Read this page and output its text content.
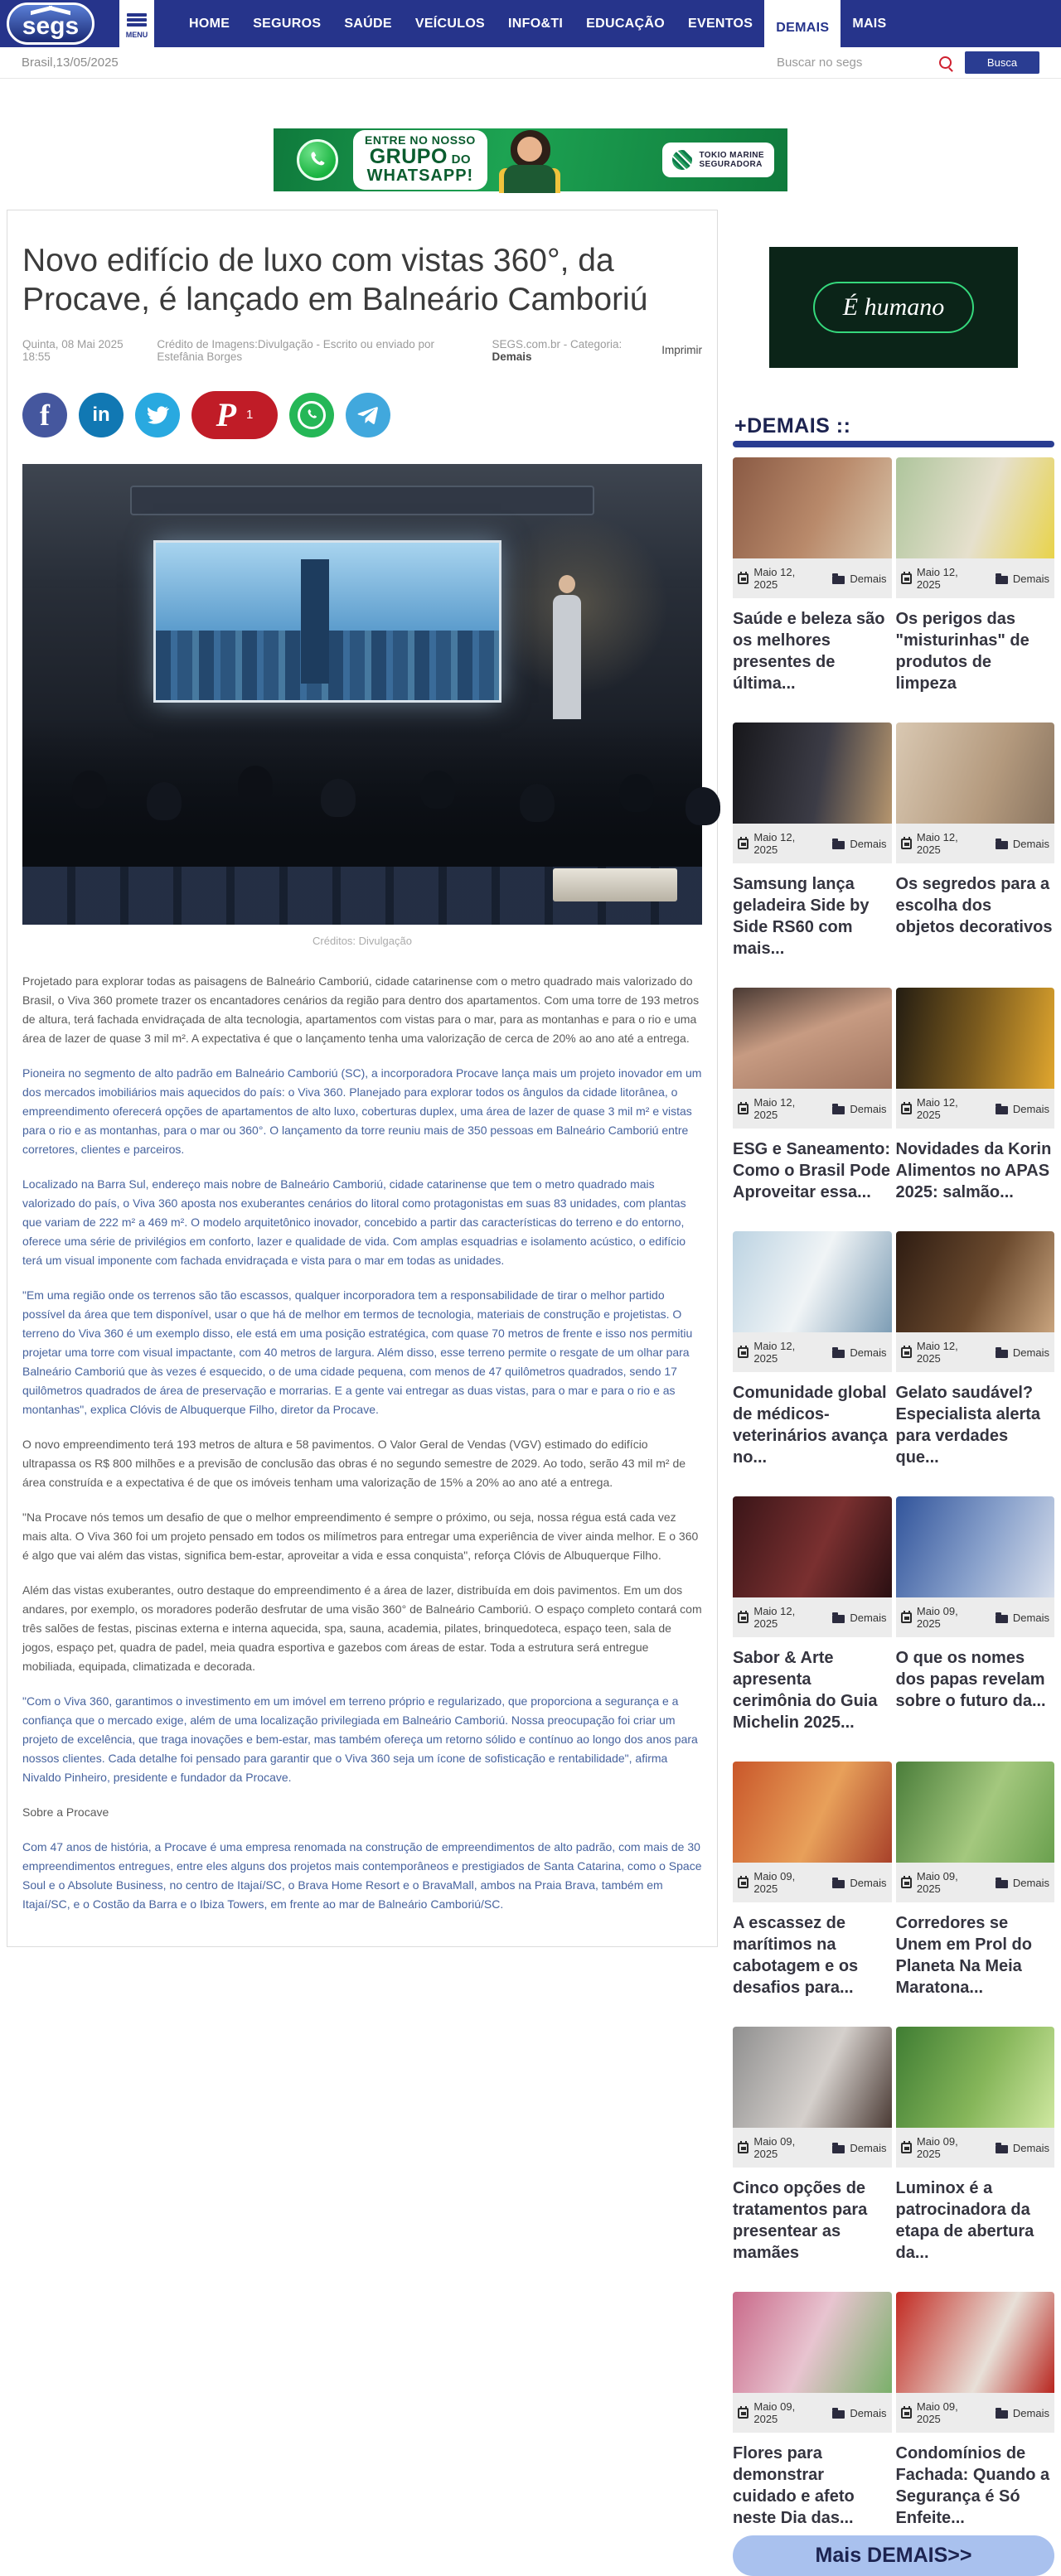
segs	MENU
HOME	SEGUROS	SAÚDE	VEÍCULOS	INFO&TI	EDUCAÇÃO	EVENTOS	DEMAIS	MAIS
Brasil,13/05/2025
Buscar no segs	Busca
ENTRE NO NOSSO
GRUPO DO
WHATSAPP!
TOKIO MARINE
SEGURADORA
Novo edifício de luxo com vistas 360°, da Procave, é lançado em Balneário Camboriú
Quinta, 08 Mai 2025 18:55
Crédito de Imagens:Divulgação - Escrito ou enviado por Estefânia Borges
SEGS.com.br - Categoria: Demais	Imprimir
f	in	P 1
Créditos: Divulgação

Projetado para explorar todas as paisagens de Balneário Camboriú, cidade catarinense com o metro quadrado mais valorizado do Brasil, o Viva 360 promete trazer os encantadores cenários da região para dentro dos apartamentos. Com uma torre de 193 metros de altura, terá fachada envidraçada de alta tecnologia, apartamentos com vistas para o mar, para as montanhas e para o rio e uma área de lazer de quase 3 mil m². A expectativa é que o lançamento tenha uma valorização de cerca de 20% ao ano até a entrega.

Pioneira no segmento de alto padrão em Balneário Camboriú (SC), a incorporadora Procave lança mais um projeto inovador em um dos mercados imobiliários mais aquecidos do país: o Viva 360. Planejado para explorar todos os ângulos da cidade litorânea, o empreendimento oferecerá opções de apartamentos de alto luxo, coberturas duplex, uma área de lazer de quase 3 mil m² e vistas para o rio e as montanhas, para o mar ou 360°. O lançamento da torre reuniu mais de 350 pessoas em Balneário Camboriú entre corretores, clientes e parceiros.

Localizado na Barra Sul, endereço mais nobre de Balneário Camboriú, cidade catarinense que tem o metro quadrado mais valorizado do país, o Viva 360 aposta nos exuberantes cenários do litoral como protagonistas em suas 83 unidades, com plantas que variam de 222 m² a 469 m². O modelo arquitetônico inovador, concebido a partir das características do terreno e do entorno, oferece uma série de privilégios em conforto, lazer e qualidade de vida. Com amplas esquadrias e isolamento acústico, o edifício terá um visual imponente com fachada envidraçada e vista para o mar em todas as unidades.

"Em uma região onde os terrenos são tão escassos, qualquer incorporadora tem a responsabilidade de tirar o melhor partido possível da área que tem disponível, usar o que há de melhor em termos de tecnologia, materiais de construção e projetistas. O terreno do Viva 360 é um exemplo disso, ele está em uma posição estratégica, com quase 70 metros de frente e isso nos permitiu projetar uma torre com visual impactante, com 40 metros de largura. Além disso, esse terreno permite o resgate de um olhar para Balneário Camboriú que às vezes é esquecido, o de uma cidade pequena, com menos de 47 quilômetros quadrados, sendo 17 quilômetros quadrados de área de preservação e morrarias. E a gente vai entregar as duas vistas, para o mar e para o rio e as montanhas", explica Clóvis de Albuquerque Filho, diretor da Procave.

O novo empreendimento terá 193 metros de altura e 58 pavimentos. O Valor Geral de Vendas (VGV) estimado do edifício ultrapassa os R$ 800 milhões e a previsão de conclusão das obras é no segundo semestre de 2029. Ao todo, serão 43 mil m² de área construída e a expectativa é de que os imóveis tenham uma valorização de 15% a 20% ao ano até a entrega.

"Na Procave nós temos um desafio de que o melhor empreendimento é sempre o próximo, ou seja, nossa régua está cada vez mais alta. O Viva 360 foi um projeto pensado em todos os milímetros para entregar uma experiência de viver ainda melhor. E o 360 é algo que vai além das vistas, significa bem-estar, aproveitar a vida e essa conquista", reforça Clóvis de Albuquerque Filho.

Além das vistas exuberantes, outro destaque do empreendimento é a área de lazer, distribuída em dois pavimentos. Em um dos andares, por exemplo, os moradores poderão desfrutar de uma visão 360° de Balneário Camboriú. O espaço completo contará com três salões de festas, piscinas externa e interna aquecida, spa, sauna, academia, pilates, brinquedoteca, espaço teen, sala de jogos, espaço pet, quadra de padel, meia quadra esportiva e gazebos com áreas de estar. Toda a estrutura será entregue mobiliada, equipada, climatizada e decorada.

"Com o Viva 360, garantimos o investimento em um imóvel em terreno próprio e regularizado, que proporciona a segurança e a confiança que o mercado exige, além de uma localização privilegiada em Balneário Camboriú. Nossa preocupação foi criar um projeto de excelência, que traga inovações e bem-estar, mas também ofereça um retorno sólido e contínuo ao longo dos anos para nossos clientes. Cada detalhe foi pensado para garantir que o Viva 360 seja um ícone de sofisticação e rentabilidade", afirma Nivaldo Pinheiro, presidente e fundador da Procave.

Sobre a Procave

Com 47 anos de história, a Procave é uma empresa renomada na construção de empreendimentos de alto padrão, com mais de 30 empreendimentos entregues, entre eles alguns dos projetos mais contemporâneos e prestigiados de Santa Catarina, como o Space Soul e o Absolute Business, no centro de Itajaí/SC, o Brava Home Resort e o BravaMall, ambos na Praia Brava, também em Itajaí/SC, e o Costão da Barra e o Ibiza Towers, em frente ao mar de Balneário Camboriú/SC.

É humano
+DEMAIS ::
Maio 12, 2025	Demais
Saúde e beleza são os melhores presentes de última...
Maio 12, 2025	Demais
Os perigos das "misturinhas" de produtos de limpeza
Maio 12, 2025	Demais
Samsung lança geladeira Side by Side RS60 com mais...
Maio 12, 2025	Demais
Os segredos para a escolha dos objetos decorativos
Maio 12, 2025	Demais
ESG e Saneamento: Como o Brasil Pode Aproveitar essa...
Maio 12, 2025	Demais
Novidades da Korin Alimentos no APAS 2025: salmão...
Maio 12, 2025	Demais
Comunidade global de médicos-veterinários avança no...
Maio 12, 2025	Demais
Gelato saudável? Especialista alerta para verdades que...
Maio 12, 2025	Demais
Sabor & Arte apresenta cerimônia do Guia Michelin 2025...
Maio 09, 2025	Demais
O que os nomes dos papas revelam sobre o futuro da...
Maio 09, 2025	Demais
A escassez de marítimos na cabotagem e os desafios para...
Maio 09, 2025	Demais
Corredores se Unem em Prol do Planeta Na Meia Maratona...
Maio 09, 2025	Demais
Cinco opções de tratamentos para presentear as mamães
Maio 09, 2025	Demais
Luminox é a patrocinadora da etapa de abertura da...
Maio 09, 2025	Demais
Flores para demonstrar cuidado e afeto neste Dia das...
Maio 09, 2025	Demais
Condomínios de Fachada: Quando a Segurança é Só Enfeite...
Mais DEMAIS>>
